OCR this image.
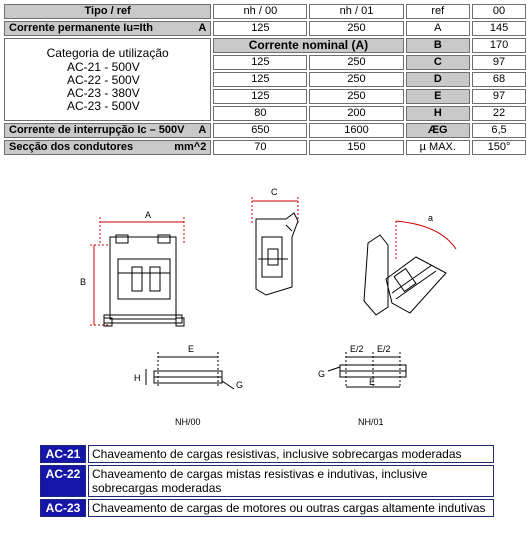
Tipo / ref	nh / 00	nh / 01	ref	00

Corrente permanente Iu=Ith A	125	250	A	145

Categoria de utilização
AC-21 - 500V
AC-22 - 500V
AC-23 - 380V
AC-23 - 500V	Corrente nominal (A)		B	170
	125	250	C	97
	125	250	D	68
	125	250	E	97
	80	200	H	22

Corrente de interrupção Ic – 500V A	650	1600	ÆG	6,5

Secção dos condutores mm^2	70	150	µ MAX.	150°
A
B
C
a
E
H
G
NH/00
E/2 E/2
E
G
NH/01
AC-21	Chaveamento de cargas resistivas, inclusive sobrecargas moderadas
AC-22	Chaveamento de cargas mistas resistivas e indutivas, inclusive sobrecargas moderadas
AC-23	Chaveamento de cargas de motores ou outras cargas altamente indutivas
